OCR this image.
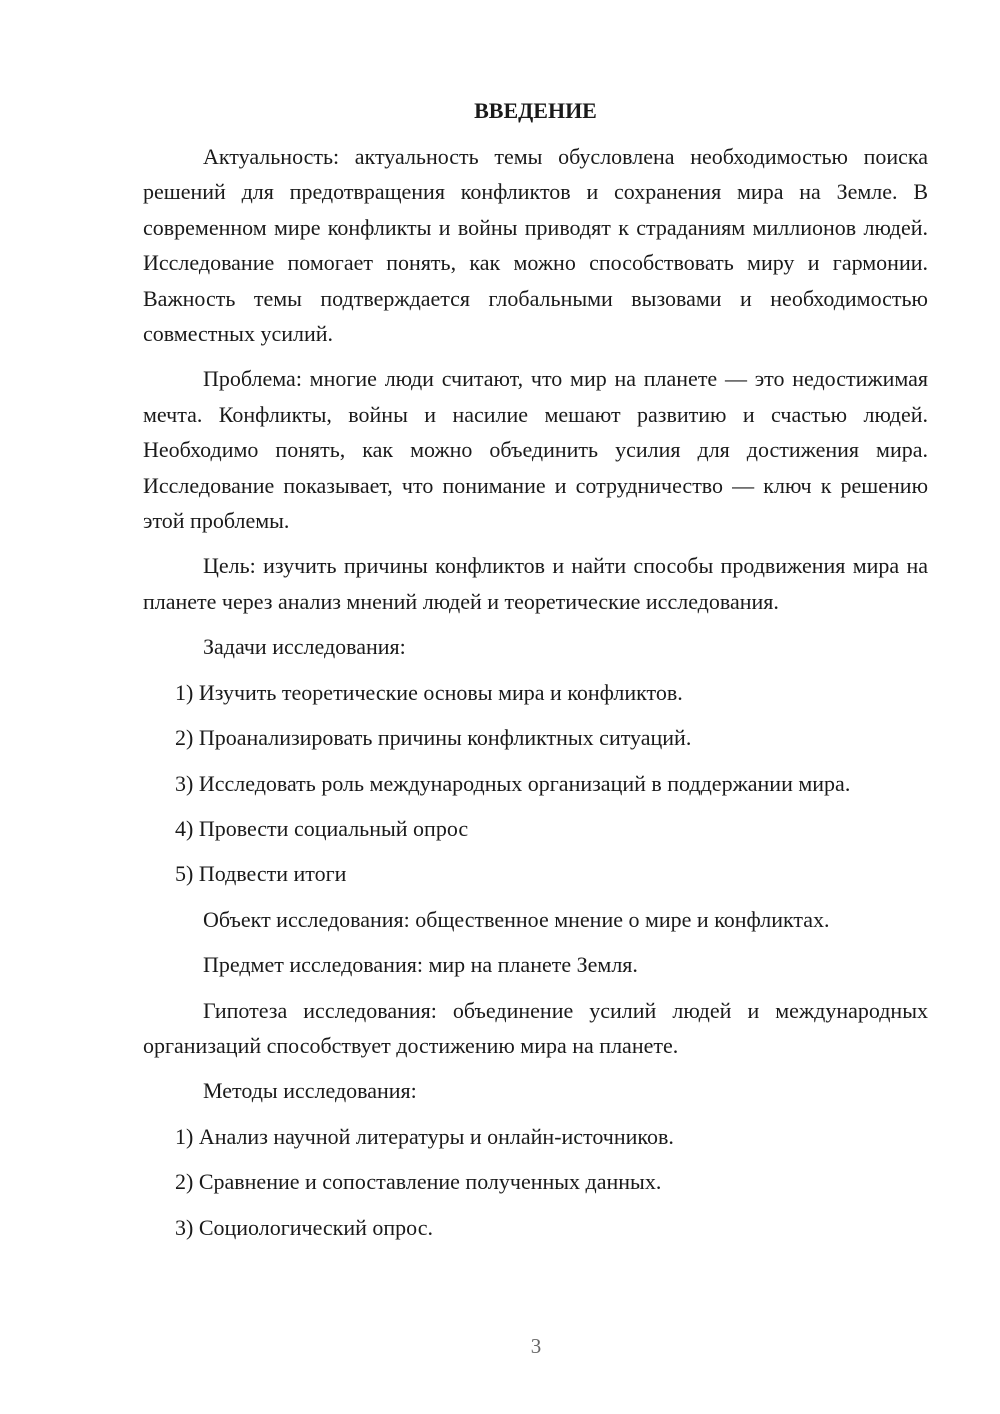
ВВЕДЕНИЕ

Актуальность: актуальность темы обусловлена необходимостью поиска решений для предотвращения конфликтов и сохранения мира на Земле. В современном мире конфликты и войны приводят к страданиям миллионов людей. Исследование помогает понять, как можно способствовать миру и гармонии. Важность темы подтверждается глобальными вызовами и необходимостью совместных усилий.

Проблема: многие люди считают, что мир на планете — это недостижимая мечта. Конфликты, войны и насилие мешают развитию и счастью людей. Необходимо понять, как можно объединить усилия для достижения мира. Исследование показывает, что понимание и сотрудничество — ключ к решению этой проблемы.

Цель: изучить причины конфликтов и найти способы продвижения мира на планете через анализ мнений людей и теоретические исследования.

Задачи исследования:

1) Изучить теоретические основы мира и конфликтов.

2) Проанализировать причины конфликтных ситуаций.

3) Исследовать роль международных организаций в поддержании мира.

4) Провести социальный опрос

5) Подвести итоги

Объект исследования: общественное мнение о мире и конфликтах.

Предмет исследования: мир на планете Земля.

Гипотеза исследования: объединение усилий людей и международных организаций способствует достижению мира на планете.

Методы исследования:

1) Анализ научной литературы и онлайн-источников.

2) Сравнение и сопоставление полученных данных.

3) Социологический опрос.

3
